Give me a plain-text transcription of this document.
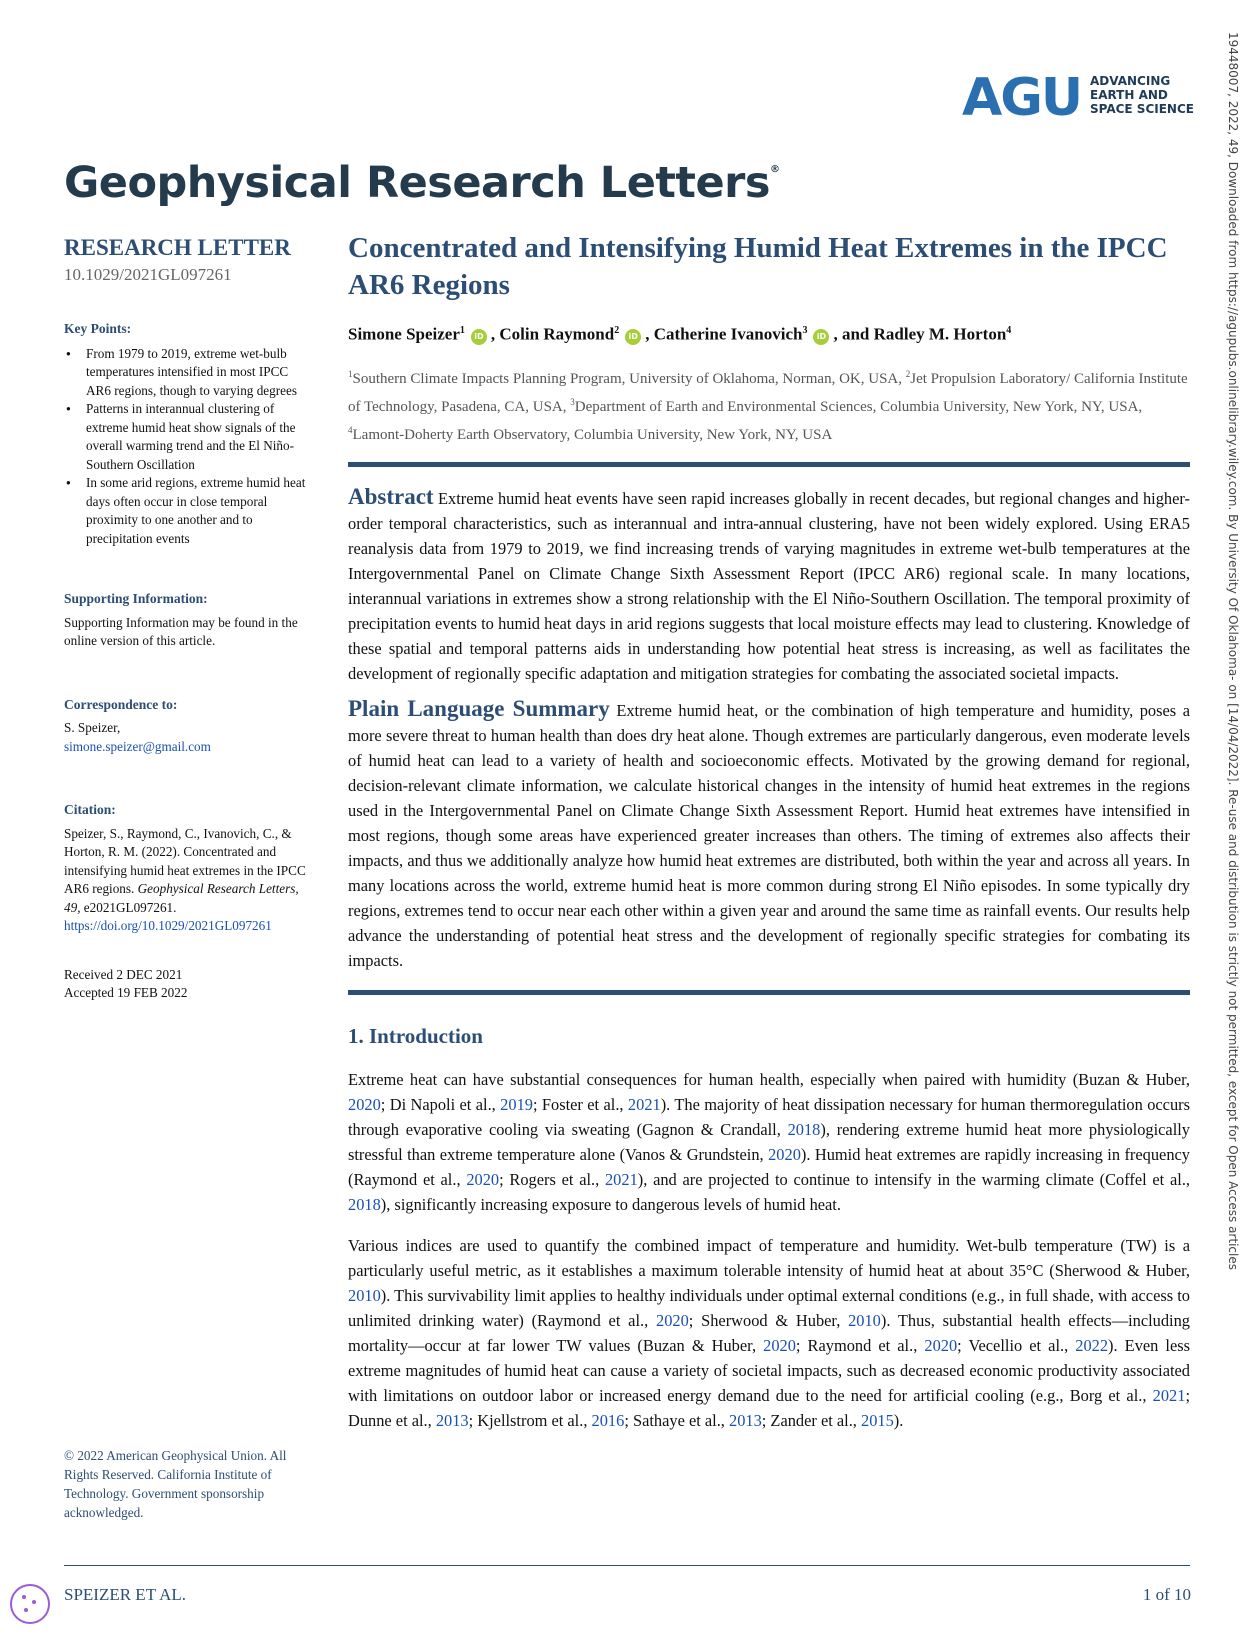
AGU ADVANCING
EARTH AND
SPACE SCIENCE
Geophysical Research Letters®
RESEARCH LETTER
10.1029/2021GL097261
Key Points:
● From 1979 to 2019, extreme wet-bulb temperatures intensified in most IPCC AR6 regions, though to varying degrees
● Patterns in interannual clustering of extreme humid heat show signals of the overall warming trend and the El Niño-Southern Oscillation
● In some arid regions, extreme humid heat days often occur in close temporal proximity to one another and to precipitation events
Supporting Information:
Supporting Information may be found in the online version of this article.
Correspondence to:
S. Speizer,
simone.speizer@gmail.com
Citation:
Speizer, S., Raymond, C., Ivanovich, C., & Horton, R. M. (2022). Concentrated and intensifying humid heat extremes in the IPCC AR6 regions. Geophysical Research Letters, 49, e2021GL097261. https://doi.org/10.1029/2021GL097261
Received 2 DEC 2021
Accepted 19 FEB 2022
© 2022 American Geophysical Union. All Rights Reserved. California Institute of Technology. Government sponsorship acknowledged.
Concentrated and Intensifying Humid Heat Extremes in the IPCC AR6 Regions
Simone Speizer$^1$iD , Colin Raymond$^2$iD , Catherine Ivanovich$^3$iD , and Radley M. Horton$^4$
$^1$Southern Climate Impacts Planning Program, University of Oklahoma, Norman, OK, USA, $^2$Jet Propulsion Laboratory/ California Institute of Technology, Pasadena, CA, USA, $^3$Department of Earth and Environmental Sciences, Columbia University, New York, NY, USA, $^4$Lamont-Doherty Earth Observatory, Columbia University, New York, NY, USA
Abstract Extreme humid heat events have seen rapid increases globally in recent decades, but regional changes and higher-order temporal characteristics, such as interannual and intra-annual clustering, have not been widely explored. Using ERA5 reanalysis data from 1979 to 2019, we find increasing trends of varying magnitudes in extreme wet-bulb temperatures at the Intergovernmental Panel on Climate Change Sixth Assessment Report (IPCC AR6) regional scale. In many locations, interannual variations in extremes show a strong relationship with the El Niño-Southern Oscillation. The temporal proximity of precipitation events to humid heat days in arid regions suggests that local moisture effects may lead to clustering. Knowledge of these spatial and temporal patterns aids in understanding how potential heat stress is increasing, as well as facilitates the development of regionally specific adaptation and mitigation strategies for combating the associated societal impacts.
Plain Language Summary Extreme humid heat, or the combination of high temperature and humidity, poses a more severe threat to human health than does dry heat alone. Though extremes are particularly dangerous, even moderate levels of humid heat can lead to a variety of health and socioeconomic effects. Motivated by the growing demand for regional, decision-relevant climate information, we calculate historical changes in the intensity of humid heat extremes in the regions used in the Intergovernmental Panel on Climate Change Sixth Assessment Report. Humid heat extremes have intensified in most regions, though some areas have experienced greater increases than others. The timing of extremes also affects their impacts, and thus we additionally analyze how humid heat extremes are distributed, both within the year and across all years. In many locations across the world, extreme humid heat is more common during strong El Niño episodes. In some typically dry regions, extremes tend to occur near each other within a given year and around the same time as rainfall events. Our results help advance the understanding of potential heat stress and the development of regionally specific strategies for combating its impacts.
1. Introduction
Extreme heat can have substantial consequences for human health, especially when paired with humidity (Buzan & Huber, 2020; Di Napoli et al., 2019; Foster et al., 2021). The majority of heat dissipation necessary for human thermoregulation occurs through evaporative cooling via sweating (Gagnon & Crandall, 2018), rendering extreme humid heat more physiologically stressful than extreme temperature alone (Vanos & Grundstein, 2020). Humid heat extremes are rapidly increasing in frequency (Raymond et al., 2020; Rogers et al., 2021), and are projected to continue to intensify in the warming climate (Coffel et al., 2018), significantly increasing exposure to dangerous levels of humid heat.
Various indices are used to quantify the combined impact of temperature and humidity. Wet-bulb temperature (TW) is a particularly useful metric, as it establishes a maximum tolerable intensity of humid heat at about 35°C (Sherwood & Huber, 2010). This survivability limit applies to healthy individuals under optimal external conditions (e.g., in full shade, with access to unlimited drinking water) (Raymond et al., 2020; Sherwood & Huber, 2010). Thus, substantial health effects—including mortality—occur at far lower TW values (Buzan & Huber, 2020; Raymond et al., 2020; Vecellio et al., 2022). Even less extreme magnitudes of humid heat can cause a variety of societal impacts, such as decreased economic productivity associated with limitations on outdoor labor or increased energy demand due to the need for artificial cooling (e.g., Borg et al., 2021; Dunne et al., 2013; Kjellstrom et al., 2016; Sathaye et al., 2013; Zander et al., 2015).
SPEIZER ET AL.	1 of 10
19448007, 2022, 49, Downloaded from https://agupubs.onlinelibrary.wiley.com. By University Of Oklahoma- on [14/04/2022]. Re-use and distribution is strictly not permitted, except for Open Access articles
